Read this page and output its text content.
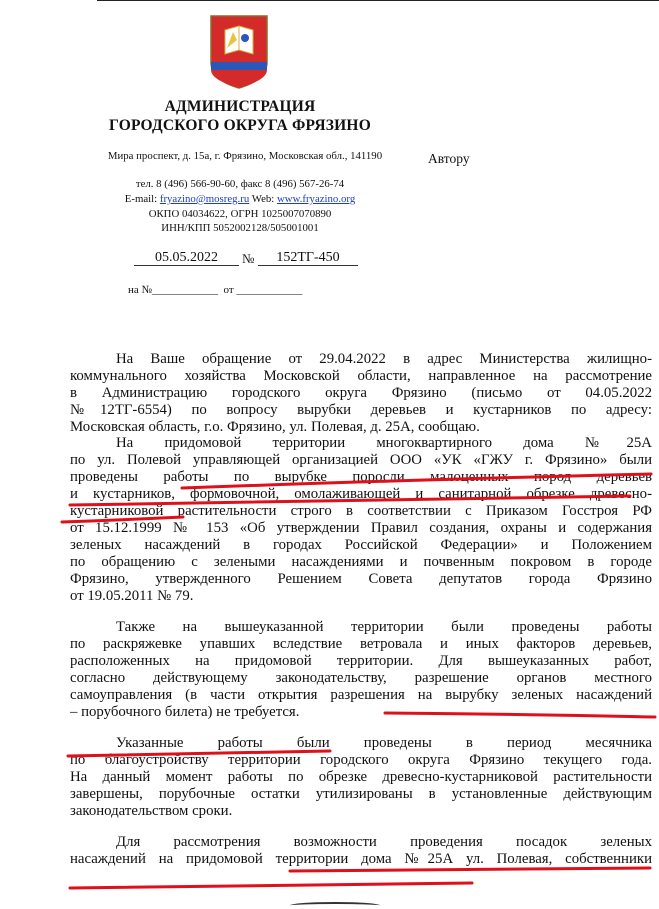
АДМИНИСТРАЦИЯ
ГОРОДСКОГО ОКРУГА ФРЯЗИНО
Мира проспект, д. 15а, г. Фрязино, Московская обл., 141190	Автору
тел. 8 (496) 566-90-60, факс 8 (496) 567-26-74
E-mail: fryazino@mosreg.ru Web: www.fryazino.org
ОКПО 04034622, ОГРН 1025007070890
ИНН/КПП 5052002128/505001001
05.05.2022	№	152ТГ-450
на №____________  от ____________
На Ваше обращение от 29.04.2022 в адрес Министерства жилищно-
коммунального хозяйства Московской области, направленное на рассмотрение
в Администрацию городского округа Фрязино (письмо от 04.05.2022
№12ТГ-6554) по вопросу вырубки деревьев и кустарников по адресу:
Московская область, г.о. Фрязино, ул. Полевая, д. 25А, сообщаю.
На придомовой территории многоквартирного дома №25А
по ул. Полевой управляющей организацией ООО «УК «ГЖУ г. Фрязино» были
проведены работы по вырубке поросли малоценных пород деревьев
и кустарников, формовочной, омолаживающей и санитарной обрезке древесно-
кустарниковой растительности строго в соответствии с Приказом Госстроя РФ
от 15.12.1999 № 153 «Об утверждении Правил создания, охраны и содержания
зеленых насаждений в городах Российской Федерации» и Положением
по обращению с зелеными насаждениями и почвенным покровом в городе
Фрязино, утвержденного Решением Совета депутатов города Фрязино
от 19.05.2011 № 79.
Также на вышеуказанной территории были проведены работы
по раскряжевке упавших вследствие ветровала и иных факторов деревьев,
расположенных на придомовой территории. Для вышеуказанных работ,
согласно действующему законодательству, разрешение органов местного
самоуправления (в части открытия разрешения на вырубку зеленых насаждений
– порубочного билета) не требуется.
Указанные работы были проведены в период месячника
по благоустройству территории городского округа Фрязино текущего года.
На данный момент работы по обрезке древесно-кустарниковой растительности
завершены, порубочные остатки утилизированы в установленные действующим
законодательством сроки.
Для рассмотрения возможности проведения посадок зеленых
насаждений на придомовой территории дома №25А ул. Полевая, собственники
